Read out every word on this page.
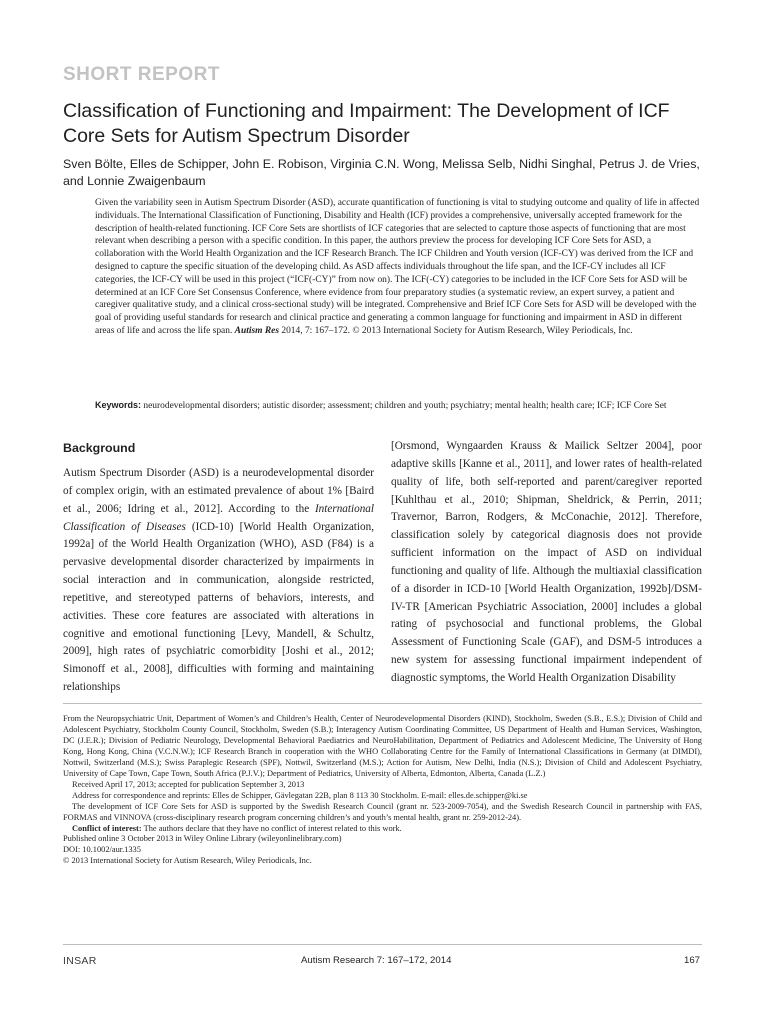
SHORT REPORT
Classification of Functioning and Impairment: The Development of ICF Core Sets for Autism Spectrum Disorder

Sven Bölte, Elles de Schipper, John E. Robison, Virginia C.N. Wong, Melissa Selb, Nidhi Singhal, Petrus J. de Vries, and Lonnie Zwaigenbaum

Given the variability seen in Autism Spectrum Disorder (ASD), accurate quantification of functioning is vital to studying outcome and quality of life in affected individuals. The International Classification of Functioning, Disability and Health (ICF) provides a comprehensive, universally accepted framework for the description of health-related functioning. ICF Core Sets are shortlists of ICF categories that are selected to capture those aspects of functioning that are most relevant when describing a person with a specific condition. In this paper, the authors preview the process for developing ICF Core Sets for ASD, a collaboration with the World Health Organization and the ICF Research Branch. The ICF Children and Youth version (ICF-CY) was derived from the ICF and designed to capture the specific situation of the developing child. As ASD affects individuals throughout the life span, and the ICF-CY includes all ICF categories, the ICF-CY will be used in this project (“ICF(-CY)” from now on). The ICF(-CY) categories to be included in the ICF Core Sets for ASD will be determined at an ICF Core Set Consensus Conference, where evidence from four preparatory studies (a systematic review, an expert survey, a patient and caregiver qualitative study, and a clinical cross-sectional study) will be integrated. Comprehensive and Brief ICF Core Sets for ASD will be developed with the goal of providing useful standards for research and clinical practice and generating a common language for functioning and impairment in ASD in different areas of life and across the life span. Autism Res 2014, 7: 167–172. © 2013 International Society for Autism Research, Wiley Periodicals, Inc.

Keywords: neurodevelopmental disorders; autistic disorder; assessment; children and youth; psychiatry; mental health; health care; ICF; ICF Core Set

Background

Autism Spectrum Disorder (ASD) is a neurodevelopmental disorder of complex origin, with an estimated prevalence of about 1% [Baird et al., 2006; Idring et al., 2012]. According to the International Classification of Diseases (ICD-10) [World Health Organization, 1992a] of the World Health Organization (WHO), ASD (F84) is a pervasive developmental disorder characterized by impairments in social interaction and in communication, alongside restricted, repetitive, and stereotyped patterns of behaviors, interests, and activities. These core features are associated with alterations in cognitive and emotional functioning [Levy, Mandell, & Schultz, 2009], high rates of psychiatric comorbidity [Joshi et al., 2012; Simonoff et al., 2008], difficulties with forming and maintaining relationships

[Orsmond, Wyngaarden Krauss & Mailick Seltzer 2004], poor adaptive skills [Kanne et al., 2011], and lower rates of health-related quality of life, both self-reported and parent/caregiver reported [Kuhlthau et al., 2010; Shipman, Sheldrick, & Perrin, 2011; Travernor, Barron, Rodgers, & McConachie, 2012]. Therefore, classification solely by categorical diagnosis does not provide sufficient information on the impact of ASD on individual functioning and quality of life. Although the multiaxial classification of a disorder in ICD-10 [World Health Organization, 1992b]/DSM-IV-TR [American Psychiatric Association, 2000] includes a global rating of psychosocial and functional problems, the Global Assessment of Functioning Scale (GAF), and DSM-5 introduces a new system for assessing functional impairment independent of diagnostic symptoms, the World Health Organization Disability

From the Neuropsychiatric Unit, Department of Women’s and Children’s Health, Center of Neurodevelopmental Disorders (KIND), Stockholm, Sweden (S.B., E.S.); Division of Child and Adolescent Psychiatry, Stockholm County Council, Stockholm, Sweden (S.B.); Interagency Autism Coordinating Committee, US Department of Health and Human Services, Washington, DC (J.E.R.); Division of Pediatric Neurology, Developmental Behavioral Paediatrics and NeuroHabilitation, Department of Pediatrics and Adolescent Medicine, The University of Hong Kong, Hong Kong, China (V.C.N.W.); ICF Research Branch in cooperation with the WHO Collaborating Centre for the Family of International Classifications in Germany (at DIMDI), Nottwil, Switzerland (M.S.); Swiss Paraplegic Research (SPF), Nottwil, Switzerland (M.S.); Action for Autism, New Delhi, India (N.S.); Division of Child and Adolescent Psychiatry, University of Cape Town, Cape Town, South Africa (P.J.V.); Department of Pediatrics, University of Alberta, Edmonton, Alberta, Canada (L.Z.)

Received April 17, 2013; accepted for publication September 3, 2013

Address for correspondence and reprints: Elles de Schipper, Gävlegatan 22B, plan 8 113 30 Stockholm. E-mail: elles.de.schipper@ki.se

The development of ICF Core Sets for ASD is supported by the Swedish Research Council (grant nr. 523-2009-7054), and the Swedish Research Council in partnership with FAS, FORMAS and VINNOVA (cross-disciplinary research program concerning children’s and youth’s mental health, grant nr. 259-2012-24).

Conflict of interest: The authors declare that they have no conflict of interest related to this work.

Published online 3 October 2013 in Wiley Online Library (wileyonlinelibrary.com)

DOI: 10.1002/aur.1335

© 2013 International Society for Autism Research, Wiley Periodicals, Inc.

INSAR	Autism Research 7: 167–172, 2014	167
